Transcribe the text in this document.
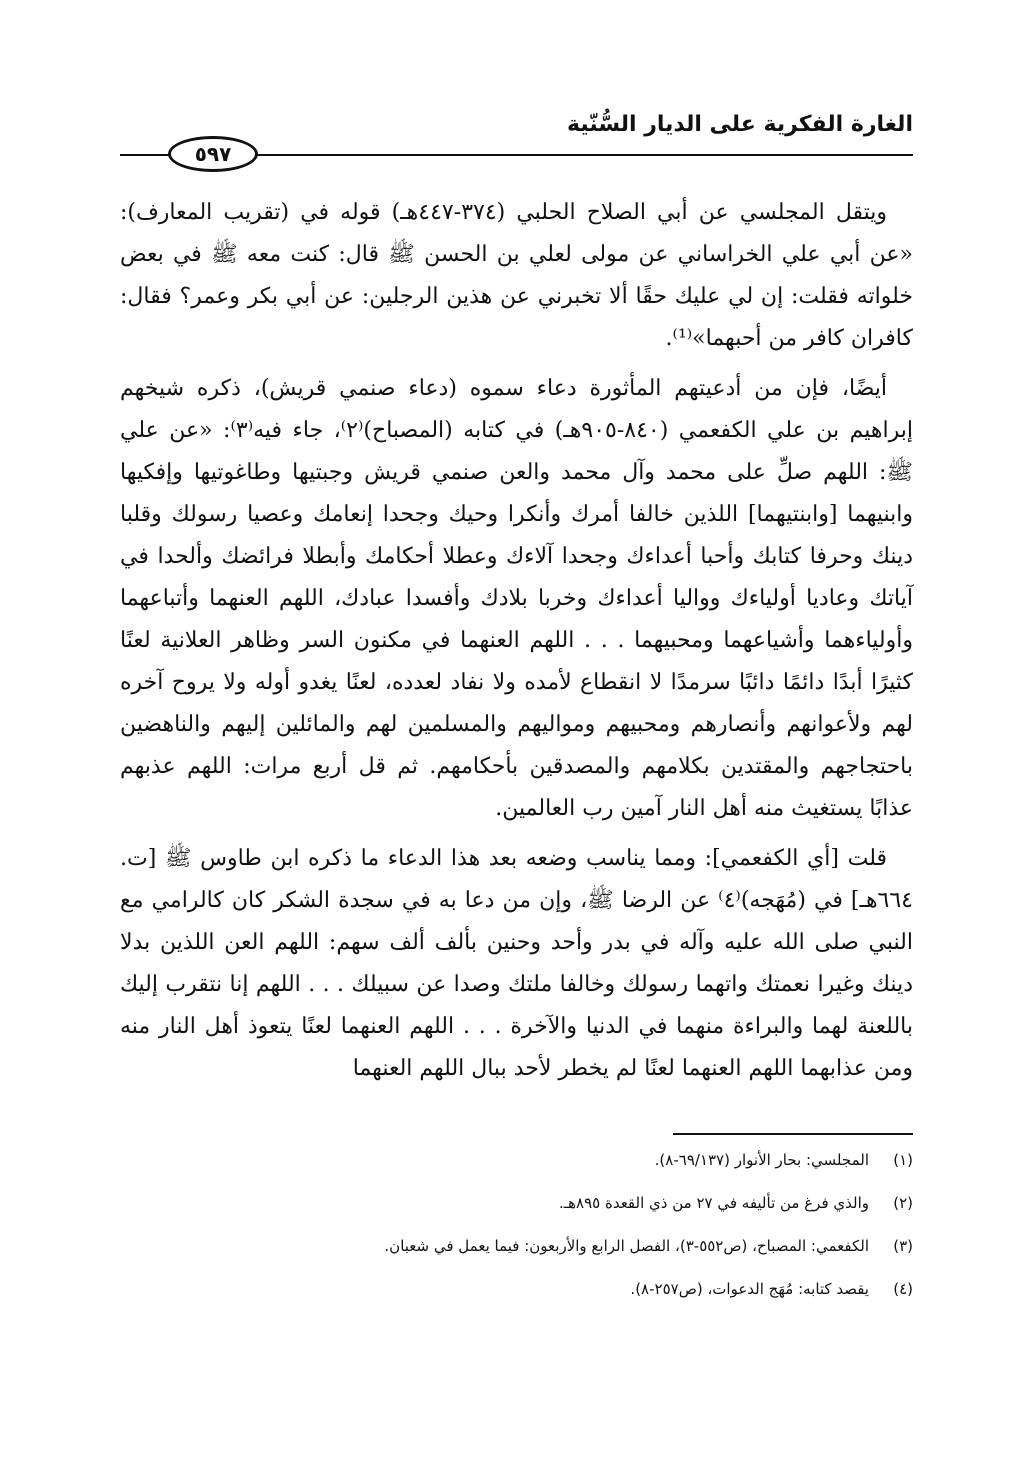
الغارة الفكرية على الديار السُّنّية
٥٩٧

ويتقل المجلسي عن أبي الصلاح الحلبي (٣٧٤-٤٤٧هـ) قوله في (تقريب المعارف): «عن أبي علي الخراساني عن مولى لعلي بن الحسن ﷺ قال: كنت معه ﷺ في بعض خلواته فقلت: إن لي عليك حقًا ألا تخبرني عن هذين الرجلين: عن أبي بكر وعمر؟ فقال: كافران كافر من أحبهما»⁽¹⁾.

أيضًا، فإن من أدعيتهم المأثورة دعاء سموه (دعاء صنمي قريش)، ذكره شيخهم إبراهيم بن علي الكفعمي (٨٤٠-٩٠٥هـ) في كتابه (المصباح)⁽٢⁾، جاء فيه⁽٣⁾: «عن علي ﷺ: اللهم صلِّ على محمد وآل محمد والعن صنمي قريش وجبتيها وطاغوتيها وإفكيها وابنيهما [وابنتيهما] اللذين خالفا أمرك وأنكرا وحيك وجحدا إنعامك وعصيا رسولك وقلبا دينك وحرفا كتابك وأحبا أعداءك وجحدا آلاءك وعطلا أحكامك وأبطلا فرائضك وألحدا في آياتك وعاديا أولياءك وواليا أعداءك وخربا بلادك وأفسدا عبادك، اللهم العنهما وأتباعهما وأولياءهما وأشياعهما ومحبيهما . . . اللهم العنهما في مكنون السر وظاهر العلانية لعنًا كثيرًا أبدًا دائمًا دائبًا سرمدًا لا انقطاع لأمده ولا نفاد لعدده، لعنًا يغدو أوله ولا يروح آخره لهم ولأعوانهم وأنصارهم ومحبيهم ومواليهم والمسلمين لهم والمائلين إليهم والناهضين باحتجاجهم والمقتدين بكلامهم والمصدقين بأحكامهم. ثم قل أربع مرات: اللهم عذبهم عذابًا يستغيث منه أهل النار آمين رب العالمين.

قلت [أي الكفعمي]: ومما يناسب وضعه بعد هذا الدعاء ما ذكره ابن طاوس ﷺ [ت. ٦٦٤هـ] في (مُهَجه)⁽٤⁾ عن الرضا ﷺ، وإن من دعا به في سجدة الشكر كان كالرامي مع النبي صلى الله عليه وآله في بدر وأحد وحنين بألف ألف سهم: اللهم العن اللذين بدلا دينك وغيرا نعمتك واتهما رسولك وخالفا ملتك وصدا عن سبيلك . . . اللهم إنا نتقرب إليك باللعنة لهما والبراءة منهما في الدنيا والآخرة . . . اللهم العنهما لعنًا يتعوذ أهل النار منه ومن عذابهما اللهم العنهما لعنًا لم يخطر لأحد ببال اللهم العنهما

(١)
المجلسي: بحار الأنوار (٦٩/١٣٧-٨).
(٢)
والذي فرغ من تأليفه في ٢٧ من ذي القعدة ٨٩٥هـ.
(٣)
الكفعمي: المصباح، (ص٥٥٢-٣)، الفصل الرابع والأربعون: فيما يعمل في شعبان.
(٤)
يقصد كتابه: مُهَج الدعوات، (ص٢٥٧-٨).
